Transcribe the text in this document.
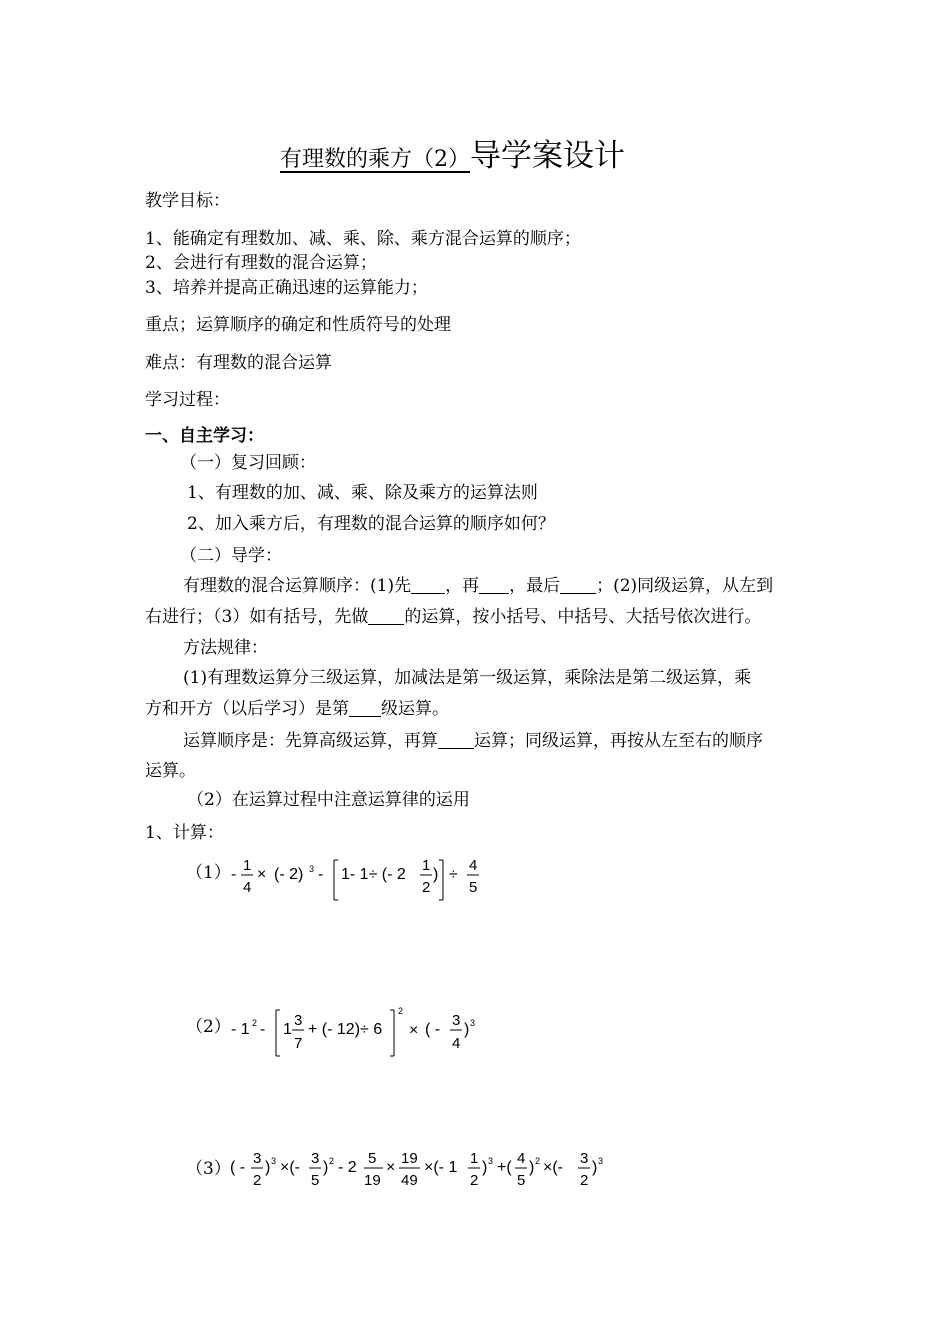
有理数的乘方（2）导学案设计
教学目标：
1、能确定有理数加、减、乘、除、乘方混合运算的顺序；
2、会进行有理数的混合运算；
3、培养并提高正确迅速的运算能力；
重点；运算顺序的确定和性质符号的处理
难点：有理数的混合运算
学习过程：
一、自主学习：
（一）复习回顾：
1、有理数的加、减、乘、除及乘方的运算法则
2、加入乘方后，有理数的混合运算的顺序如何？
（二）导学：
有理数的混合运算顺序：(1)先 ，再 ，最后 ；(2)同级运算，从左到
右进行；（3）如有括号，先做 的运算，按小括号、中括号、大括号依次进行。
方法规律：
(1)有理数运算分三级运算，加减法是第一级运算，乘除法是第二级运算，乘
方和开方（以后学习）是第 级运算。
运算顺序是：先算高级运算，再算 运算；同级运算，再按从左至右的顺序
运算。
（2）在运算过程中注意运算律的运用
1、计算：
（1） -
1
4
× (- 2) 3 - 1- 1÷ (- 2
1
2
) ÷
4
5
（2） - 1 2 - 1
3
7
+ (- 12)÷ 6
2
× ( -
3
4
) 3
（3） ( -
3
2
) 3 ×(-
3
5
) 2 - 2
5
19
×
19
49
×(- 1
1
2
) 3 +(
4
5
) 2 ×(-
3
2
) 3
